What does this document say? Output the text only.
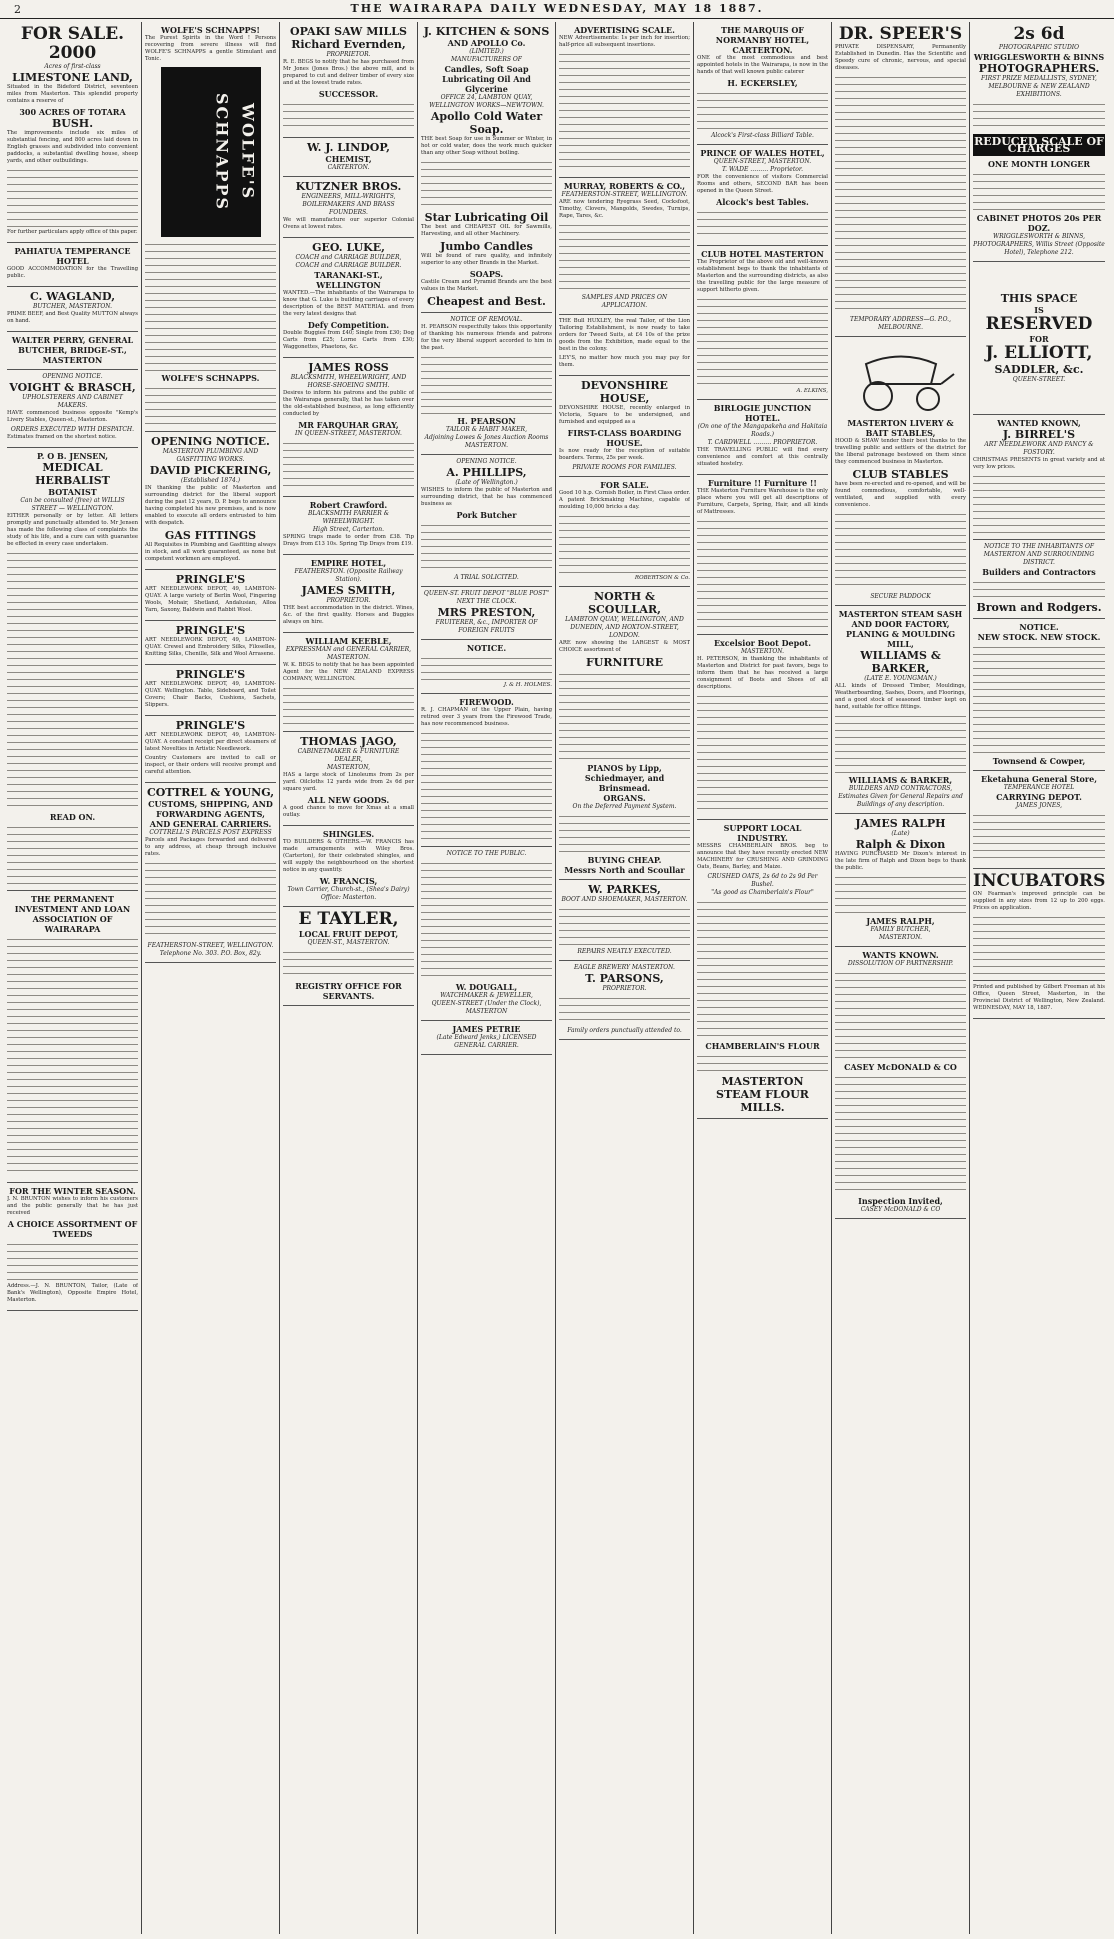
2	THE WAIRARAPA DAILY WEDNESDAY, MAY 18 1887.
FOR SALE.
2000
Acres of first-class
LIMESTONE LAND,

Situated in the Bideford District, seventeen miles from Masterton. This splendid property contains a reserve of

300 ACRES OF TOTARA
BUSH.

The improvements include six miles of substantial fencing, and 800 acres laid down in English grasses and subdivided into convenient paddocks, a substantial dwelling house, sheep yards, and other outbuildings.

For further particulars apply office of this paper.

PAHIATUA TEMPERANCE HOTEL

GOOD ACCOMMODATION for the Travelling public.

C. WAGLAND,
BUTCHER, MASTERTON.

PRIME BEEF, and Best Quality MUTTON always on hand.

WALTER PERRY, GENERAL BUTCHER, BRIDGE-ST., MASTERTON
OPENING NOTICE.
VOIGHT & BRASCH,
UPHOLSTERERS AND CABINET MAKERS.

HAVE commenced business opposite "Kemp's Livery Stables, Queen-st., Masterton.

ORDERS EXECUTED WITH DESPATCH.

Estimates framed on the shortest notice.

P. O B. JENSEN,
MEDICAL HERBALIST
BOTANIST
Can be consulted (free) at WILLIS STREET — WELLINGTON.

EITHER personally or by letter. All letters promptly and punctually attended to. Mr Jensen has made the following class of complaints the study of his life, and a cure can with guarantee be effected in every case undertaken.

READ ON.
THE PERMANENT INVESTMENT AND LOAN ASSOCIATION OF WAIRARAPA
FOR THE WINTER SEASON.

J. N. BRUNTON wishes to inform his customers and the public generally that he has just received

A CHOICE ASSORTMENT OF TWEEDS

Address.—J. N. BRUNTON, Tailor, (Late of Bank's Wellington), Opposite Empire Hotel, Masterton.

WOLFE'S SCHNAPPS!

The Purest Spirits in the Word ! Persons recovering from severe illness will find WOLFE'S SCHNAPPS a gentle Stimulant and Tonic.

WOLFE'S SCHNAPPS
WOLFE'S SCHNAPPS.
OPENING NOTICE.
MASTERTON PLUMBING AND GASFITTING WORKS.
DAVID PICKERING,
(Established 1874.)

IN thanking the public of Masterton and surrounding district for the liberal support during the past 12 years, D. P. begs to announce having completed his new premises, and is now enabled to execute all orders entrusted to him with despatch.

GAS FITTINGS

All Requisites in Plumbing and Gasfitting always in stock, and all work guaranteed, as none but competent workmen are employed.

PRINGLE'S

ART NEEDLEWORK DEPOT, 49, LAMBTON-QUAY. A large variety of Berlin Wool, Fingering Wools, Mohair, Shetland, Andalusian, Alloa Yarn, Saxony, Baldwin and Rabbit Wool.

PRINGLE'S

ART NEEDLEWORK DEPOT, 49, LAMBTON-QUAY. Crewel and Embroidery Silks, Filoselles, Knitting Silks, Chenille, Silk and Wool Arrasene.

PRINGLE'S

ART NEEDLEWORK DEPOT, 49, LAMBTON-QUAY. Wellington. Table, Sideboard, and Toilet Covers; Chair Backs, Cushions, Sachets, Slippers.

PRINGLE'S

ART NEEDLEWORK DEPOT, 49, LAMBTON-QUAY. A constant receipt per direct steamers of latest Novelties in Artistic Needlework.

Country Customers are invited to call or inspect, or their orders will receive prompt and careful attention.

COTTREL & YOUNG,
CUSTOMS, SHIPPING, AND FORWARDING AGENTS,
AND GENERAL CARRIERS.
COTTRELL'S PARCELS POST EXPRESS

Parcels and Packages forwarded and delivered to any address, at cheap through inclusive rates.

FEATHERSTON-STREET, WELLINGTON.
Telephone No. 303. P.O. Box, 82y.
OPAKI SAW MILLS
Richard Evernden,
PROPRIETOR.

R. E. BEGS to notify that he has purchased from Mr Jones (Jones Bros.) the above mill, and is prepared to cut and deliver timber of every size and at the lowest trade rates.

SUCCESSOR.
W. J. LINDOP,
CHEMIST,
CARTERTON.
KUTZNER BROS.
ENGINEERS, MILL-WRIGHTS, BOILERMAKERS AND BRASS FOUNDERS.

We will manufacture our superior Colonial Ovens at lowest rates.

GEO. LUKE,
COACH and CARRIAGE BUILDER, COACH and CARRIAGE BUILDER.
TARANAKI-ST., WELLINGTON

WANTED.—The inhabitants of the Wairarapa to know that G. Luke is building carriages of every description of the BEST MATERIAL and from the very latest designs that

Defy Competition.

Double Buggies from £40; Single from £30; Dog Carts from £25; Lorne Carts from £30; Waggonettes, Phaetons, &c.

JAMES ROSS
BLACKSMITH, WHEELWRIGHT, AND HORSE-SHOEING SMITH.

Desires to inform his patrons and the public of the Wairarapa generally, that he has taken over the old-established business, as long efficiently conducted by

MR FARQUHAR GRAY,
IN QUEEN-STREET, MASTERTON.
Robert Crawford.
BLACKSMITH FARRIER & WHEELWRIGHT.
High Street, Carterton.

SPRING traps made to order from £38. Tip Drays from £13 10s. Spring Tip Drays from £19.

EMPIRE HOTEL,
FEATHERSTON. (Opposite Railway Station).
JAMES SMITH,
PROPRIETOR.

THE best accommodation in the district. Wines, &c. of the first quality. Horses and Buggies always on hire.

WILLIAM KEEBLE,
EXPRESSMAN and GENERAL CARRIER, MASTERTON.

W. K. BEGS to notify that he has been appointed Agent for the NEW ZEALAND EXPRESS COMPANY, WELLINGTON.

THOMAS JAGO,
CABINETMAKER & FURNITURE DEALER,
MASTERTON,

HAS a large stock of Linoleums from 2s per yard. Oilcloths 12 yards wide from 2s 6d per square yard.

ALL NEW GOODS.

A good chance to move for Xmas at a small outlay.

SHINGLES.

TO BUILDERS & OTHERS.—W. FRANCIS has made arrangements with Wiley Bros. (Carterton), for their celebrated shingles, and will supply the neighbourhood on the shortest notice in any quantity.

W. FRANCIS,
Town Carrier, Church-st., (Shea's Dairy) Office: Masterton.
E TAYLER,
LOCAL FRUIT DEPOT,
QUEEN-ST., MASTERTON.
REGISTRY OFFICE FOR SERVANTS.
J. KITCHEN & SONS
AND APOLLO Co.
(LIMITED.)
MANUFACTURERS OF
Candles, Soft Soap Lubricating Oil And Glycerine
OFFICE 24, LAMBTON QUAY, WELLINGTON WORKS—NEWTOWN.
Apollo Cold Water Soap.

THE best Soap for use in Summer or Winter, in hot or cold water, does the work much quicker than any other Soap without boiling.

Star Lubricating Oil

The best and CHEAPEST OIL for Sawmills, Harvesting, and all other Machinery.

Jumbo Candles

Will be found of rare quality, and infinitely superior to any other Brands in the Market.

SOAPS.

Castile Cream and Pyramid Brands are the best values in the Market.

Cheapest and Best.
NOTICE OF REMOVAL.

H. PEARSON respectfully takes this opportunity of thanking his numerous friends and patrons for the very liberal support accorded to him in the past.

H. PEARSON
TAILOR & HABIT MAKER,
Adjoining Lowes & Jones Auction Rooms MASTERTON.
OPENING NOTICE.
A. PHILLIPS,
(Late of Wellington.)

WISHES to inform the public of Masterton and surrounding district, that he has commenced business as

Pork Butcher
A TRIAL SOLICITED.
QUEEN-ST. FRUIT DEPOT "BLUE POST" NEXT THE CLOCK.
MRS PRESTON,
FRUITERER, &c., IMPORTER OF FOREIGN FRUITS
NOTICE.
J. & H. HOLMES.
FIREWOOD.

R. J. CHAPMAN of the Upper Plain, having retired over 3 years from the Firewood Trade, has now recommenced business.

NOTICE TO THE PUBLIC.
W. DOUGALL,
WATCHMAKER & JEWELLER,
QUEEN-STREET (Under the Clock), MASTERTON
JAMES PETRIE
(Late Edward Jenks,) LICENSED GENERAL CARRIER.
ADVERTISING SCALE.

NEW Advertisements: 1s per inch for insertion; half-price all subsequent insertions.

MURRAY, ROBERTS & CO.,
FEATHERSTON-STREET, WELLINGTON.

ARE now tendering Ryegrass Seed, Cocksfoot, Timothy, Clovers, Mangolds, Swedes, Turnips, Rape, Tares, &c.

SAMPLES AND PRICES ON APPLICATION.

THE Bull HUXLEY, the real Tailor, of the Lion Tailoring Establishment, is now ready to take orders for Tweed Suits, at £4 10s of the prize goods from the Exhibition, made equal to the best in the colony.

LEY'S, no matter how much you may pay for them.

DEVONSHIRE HOUSE,

DEVONSHIRE HOUSE, recently enlarged in Victoria, Square to be undersigned, and furnished and equipped as a

FIRST-CLASS BOARDING HOUSE.

Is now ready for the reception of suitable boarders. Terms, 25s per week.

PRIVATE ROOMS FOR FAMILIES.
FOR SALE.

Good 10 h.p. Cornish Boiler, in First Class order. A patent Brickmaking Machine, capable of moulding 10,000 bricks a day.

ROBERTSON & Co.
NORTH & SCOULLAR,
LAMBTON QUAY, WELLINGTON, AND DUNEDIN, AND HOXTON-STREET, LONDON.

ARE now showing the LARGEST & MOST CHOICE assortment of

FURNITURE
PIANOS by Lipp, Schiedmayer, and Brinsmead.
ORGANS.
On the Deferred Payment System.
BUYING CHEAP.
Messrs North and Scoullar
W. PARKES,
BOOT AND SHOEMAKER, MASTERTON.
REPAIRS NEATLY EXECUTED.
EAGLE BREWERY MASTERTON.
T. PARSONS,
PROPRIETOR.
Family orders punctually attended to.
THE MARQUIS OF NORMANBY HOTEL, CARTERTON.

ONE of the most commodious and best appointed hotels in the Wairarapa, is now in the hands of that well known public caterer

H. ECKERSLEY,
Alcock's First-class Billiard Table.
PRINCE OF WALES HOTEL,
QUEEN-STREET, MASTERTON.
T. WADE ……… Proprietor.

FOR the convenience of visitors Commercial Rooms and others, SECOND BAR has been opened in the Queen Street.

Alcock's best Tables.
CLUB HOTEL MASTERTON

The Proprietor of the above old and well-known establishment begs to thank the inhabitants of Masterton and the surrounding districts, as also the travelling public for the large measure of support hitherto given.

A. ELKINS,
BIRLOGIE JUNCTION HOTEL.
(On one of the Mangapakeha and Hakitaia Roads.)
T. CARDWELL ……… PROPRIETOR.

THE TRAVELLING PUBLIC will find every convenience and comfort at this centrally situated hostelry.

Furniture !! Furniture !!

THE Masterton Furniture Warehouse is the only place where you will get all descriptions of Furniture, Carpets, Spring, Hair, and all kinds of Mattresses.

Excelsior Boot Depot.
MASTERTON.

H. PETERSON, in thanking the inhabitants of Masterton and District for past favors, begs to inform them that he has received a large consignment of Boots and Shoes of all descriptions.

SUPPORT LOCAL INDUSTRY.

MESSRS CHAMBERLAIN BROS. beg to announce that they have recently erected NEW MACHINERY for CRUSHING AND GRINDING Oats, Beans, Barley, and Maize.

CRUSHED OATS, 2s 6d to 2s 9d Per Bushel.
"As good as Chamberlain's Flour"
CHAMBERLAIN'S FLOUR
MASTERTON STEAM FLOUR MILLS.
DR. SPEER'S

PRIVATE DISPENSARY, Permanently Established in Dunedin. Has the Scientific and Speedy cure of chronic, nervous, and special diseases.

TEMPORARY ADDRESS—G. P.O., MELBOURNE.
MASTERTON LIVERY & BAIT STABLES,

HOOD & SHAW tender their best thanks to the travelling public and settlers of the district for the liberal patronage bestowed on them since they commenced business in Masterton.

CLUB STABLES

have been re-erected and re-opened, and will be found commodious, comfortable, well-ventilated, and supplied with every convenience.

SECURE PADDOCK
MASTERTON STEAM SASH AND DOOR FACTORY, PLANING & MOULDING MILL,
WILLIAMS & BARKER,
(LATE E. YOUNGMAN.)

ALL kinds of Dressed Timber, Mouldings, Weatherboarding, Sashes, Doors, and Floorings, and a good stock of seasoned timber kept on hand, suitable for office fittings.

WILLIAMS & BARKER,
BUILDERS AND CONTRACTORS,
Estimates Given for General Repairs and Buildings of any description.
JAMES RALPH
(Late)
Ralph & Dixon

HAVING PURCHASED Mr Dixon's interest in the late firm of Ralph and Dixon begs to thank the public.

JAMES RALPH,
FAMILY BUTCHER,
MASTERTON.
WANTS KNOWN.
DISSOLUTION OF PARTNERSHIP.
CASEY McDONALD & CO
Inspection Invited,
CASEY McDONALD & CO
2s 6d
PHOTOGRAPHIC STUDIO
WRIGGLESWORTH & BINNS
PHOTOGRAPHERS.
FIRST PRIZE MEDALLISTS, SYDNEY, MELBOURNE & NEW ZEALAND EXHIBITIONS.
REDUCED SCALE OF CHARGES
ONE MONTH LONGER
CABINET PHOTOS 20s PER DOZ.
WRIGGLESWORTH & BINNS, PHOTOGRAPHERS, Willis Street (Opposite Hotel), Telephone 212.
THIS SPACE
IS
RESERVED
FOR
J. ELLIOTT,
SADDLER, &c.
QUEEN-STREET.
WANTED KNOWN,
J. BIRREL'S
ART NEEDLEWORK AND FANCY & FOSTORY.

CHRISTMAS PRESENTS in great variety and at very low prices.

NOTICE TO THE INHABITANTS OF MASTERTON AND SURROUNDING DISTRICT.
Builders and Contractors
Brown and Rodgers.
NOTICE.
NEW STOCK. NEW STOCK.
Townsend & Cowper,
Eketahuna General Store,
TEMPERANCE HOTEL
CARRYING DEPOT.
JAMES JONES,
INCUBATORS

ON Fearman's improved principle can be supplied in any sizes from 12 up to 200 eggs. Prices on application.

Printed and published by Gilbert Freeman at his Office, Queen Street, Masterton, in the Provincial District of Wellington, New Zealand. WEDNESDAY, MAY 18, 1887.
